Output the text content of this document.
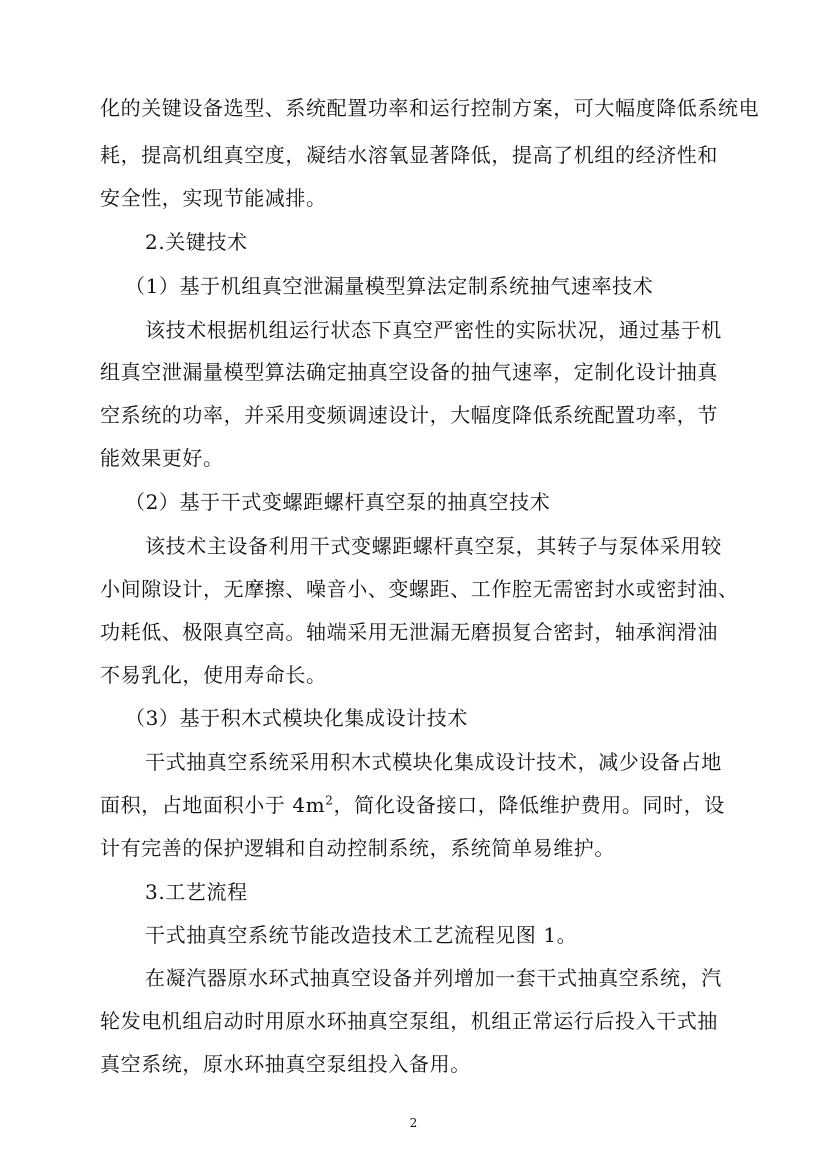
化的关键设备选型、系统配置功率和运行控制方案，可大幅度降低系统电
耗，提高机组真空度，凝结水溶氧显著降低，提高了机组的经济性和
安全性，实现节能减排。
2.关键技术
（1）基于机组真空泄漏量模型算法定制系统抽气速率技术
该技术根据机组运行状态下真空严密性的实际状况，通过基于机
组真空泄漏量模型算法确定抽真空设备的抽气速率，定制化设计抽真
空系统的功率，并采用变频调速设计，大幅度降低系统配置功率，节
能效果更好。
（2）基于干式变螺距螺杆真空泵的抽真空技术
该技术主设备利用干式变螺距螺杆真空泵，其转子与泵体采用较
小间隙设计，无摩擦、噪音小、变螺距、工作腔无需密封水或密封油、
功耗低、极限真空高。轴端采用无泄漏无磨损复合密封，轴承润滑油
不易乳化，使用寿命长。
（3）基于积木式模块化集成设计技术
干式抽真空系统采用积木式模块化集成设计技术，减少设备占地
面积，占地面积小于 $4m^2$，简化设备接口，降低维护费用。同时，设
计有完善的保护逻辑和自动控制系统，系统简单易维护。
3.工艺流程
干式抽真空系统节能改造技术工艺流程见图 1。
在凝汽器原水环式抽真空设备并列增加一套干式抽真空系统，汽
轮发电机组启动时用原水环抽真空泵组，机组正常运行后投入干式抽
真空系统，原水环抽真空泵组投入备用。
2
